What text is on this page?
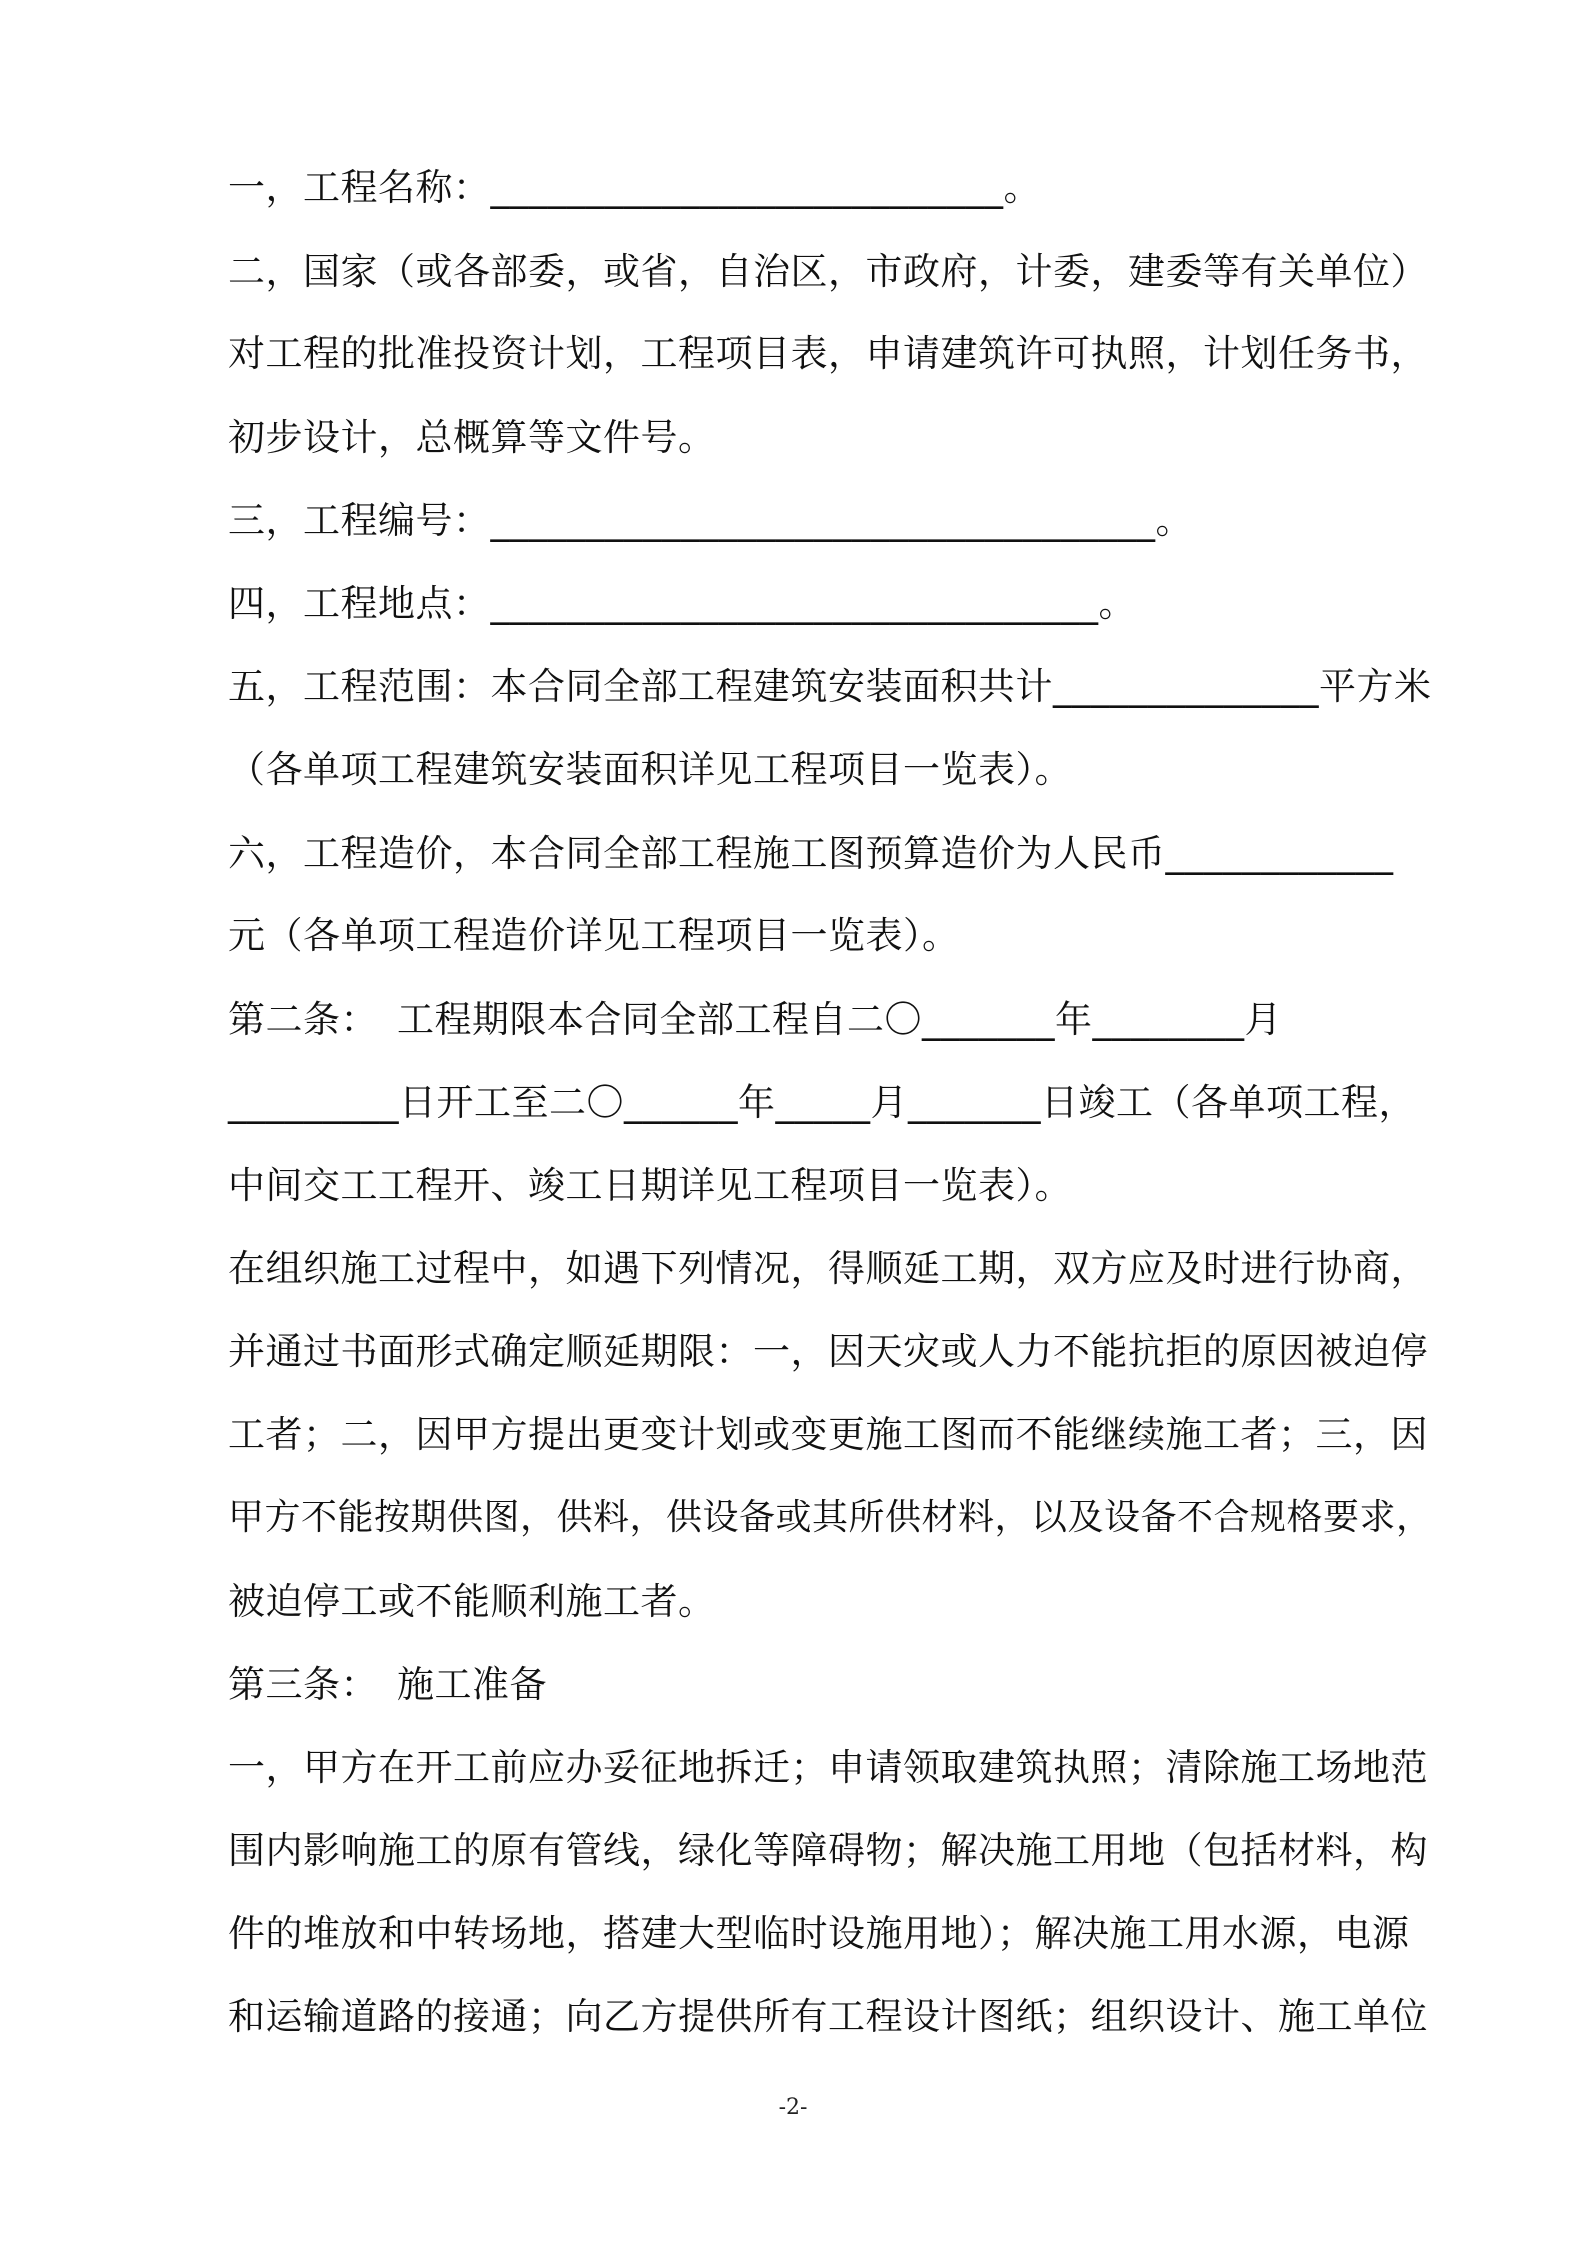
一，工程名称：___________________________。
二，国家（或各部委，或省，自治区，市政府，计委，建委等有关单位）
对工程的批准投资计划，工程项目表，申请建筑许可执照，计划任务书，
初步设计，总概算等文件号。
三，工程编号：___________________________________。
四，工程地点：________________________________。
五，工程范围：本合同全部工程建筑安装面积共计______________平方米
（各单项工程建筑安装面积详见工程项目一览表）。
六，工程造价，本合同全部工程施工图预算造价为人民币____________
元（各单项工程造价详见工程项目一览表）。
第二条：　工程期限本合同全部工程自二〇_______年________月
_________日开工至二〇______年_____月_______日竣工（各单项工程，
中间交工工程开、竣工日期详见工程项目一览表）。
在组织施工过程中，如遇下列情况，得顺延工期，双方应及时进行协商，
并通过书面形式确定顺延期限：一，因天灾或人力不能抗拒的原因被迫停
工者；二，因甲方提出更变计划或变更施工图而不能继续施工者；三，因
甲方不能按期供图，供料，供设备或其所供材料，以及设备不合规格要求，
被迫停工或不能顺利施工者。
第三条：　施工准备
一，甲方在开工前应办妥征地拆迁；申请领取建筑执照；清除施工场地范
围内影响施工的原有管线，绿化等障碍物；解决施工用地（包括材料，构
件的堆放和中转场地，搭建大型临时设施用地）；解决施工用水源，电源
和运输道路的接通；向乙方提供所有工程设计图纸；组织设计、施工单位
-2-
